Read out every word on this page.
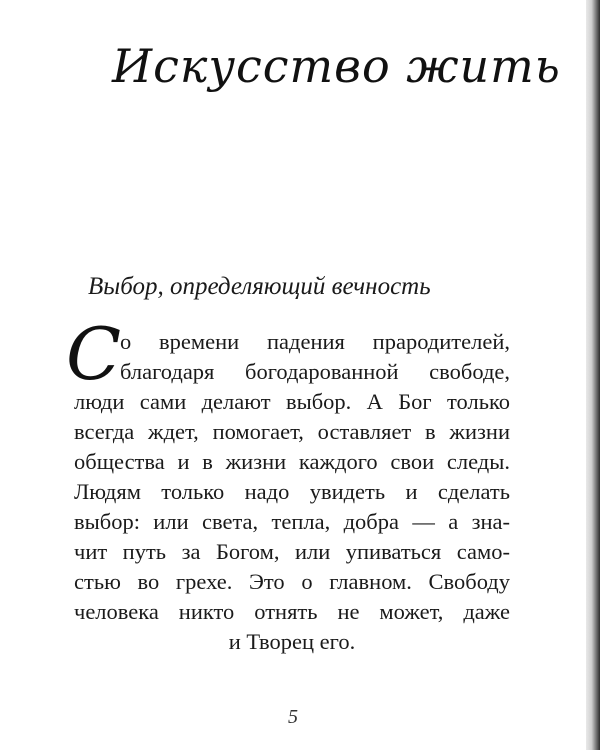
Искусство жить
Выбор, определяющий вечность
С
о времени падения прародителей,
благодаря богодарованной свободе,
люди сами делают выбор. А Бог только
всегда ждет, помогает, оставляет в жизни
общества и в жизни каждого свои следы.
Людям только надо увидеть и сделать
выбор: или света, тепла, добра — а зна-
чит путь за Богом, или упиваться само-
стью во грехе. Это о главном. Свободу
человека никто отнять не может, даже
и Творец его.
5
